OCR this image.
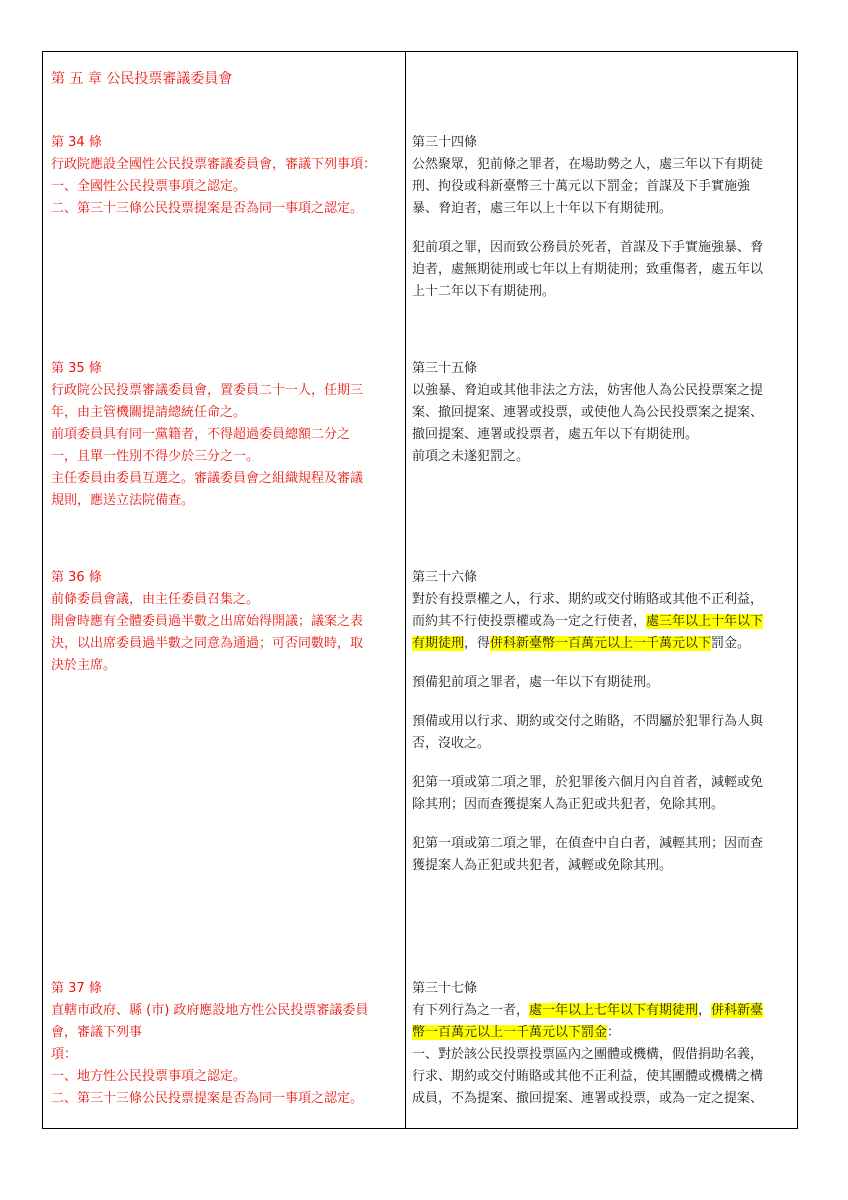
第 五 章 公民投票審議委員會

第 34 條

行政院應設全國性公民投票審議委員會，審議下列事項：

一、全國性公民投票事項之認定。

二、第三十三條公民投票提案是否為同一事項之認定。

第三十四條

公然聚眾，犯前條之罪者，在場助勢之人，處三年以下有期徒

刑、拘役或科新臺幣三十萬元以下罰金；首謀及下手實施強

暴、脅迫者，處三年以上十年以下有期徒刑。

犯前項之罪，因而致公務員於死者，首謀及下手實施強暴、脅

迫者，處無期徒刑或七年以上有期徒刑；致重傷者，處五年以

上十二年以下有期徒刑。

第 35 條

行政院公民投票審議委員會，置委員二十一人，任期三

年，由主管機關提請總統任命之。

前項委員具有同一黨籍者，不得超過委員總額二分之

一，且單一性別不得少於三分之一。

主任委員由委員互選之。審議委員會之組織規程及審議

規則，應送立法院備查。

第三十五條

以強暴、脅迫或其他非法之方法，妨害他人為公民投票案之提

案、撤回提案、連署或投票，或使他人為公民投票案之提案、

撤回提案、連署或投票者，處五年以下有期徒刑。

前項之未遂犯罰之。

第 36 條

前條委員會議，由主任委員召集之。

開會時應有全體委員過半數之出席始得開議；議案之表

決，以出席委員過半數之同意為通過；可否同數時，取

決於主席。

第三十六條

對於有投票權之人，行求、期約或交付賄賂或其他不正利益，

而約其不行使投票權或為一定之行使者，處三年以上十年以下

有期徒刑，得併科新臺幣一百萬元以上一千萬元以下罰金。

預備犯前項之罪者，處一年以下有期徒刑。

預備或用以行求、期約或交付之賄賂，不問屬於犯罪行為人與

否，沒收之。

犯第一項或第二項之罪，於犯罪後六個月內自首者，減輕或免

除其刑；因而查獲提案人為正犯或共犯者，免除其刑。

犯第一項或第二項之罪，在偵查中自白者，減輕其刑；因而查

獲提案人為正犯或共犯者，減輕或免除其刑。

第 37 條

直轄市政府、縣 (市) 政府應設地方性公民投票審議委員

會，審議下列事

項：

一、地方性公民投票事項之認定。

二、第三十三條公民投票提案是否為同一事項之認定。

第三十七條

有下列行為之一者，處一年以上七年以下有期徒刑，併科新臺

幣一百萬元以上一千萬元以下罰金：

一、對於該公民投票投票區內之團體或機構，假借捐助名義，

行求、期約或交付賄賂或其他不正利益，使其團體或機構之構

成員，不為提案、撤回提案、連署或投票，或為一定之提案、
